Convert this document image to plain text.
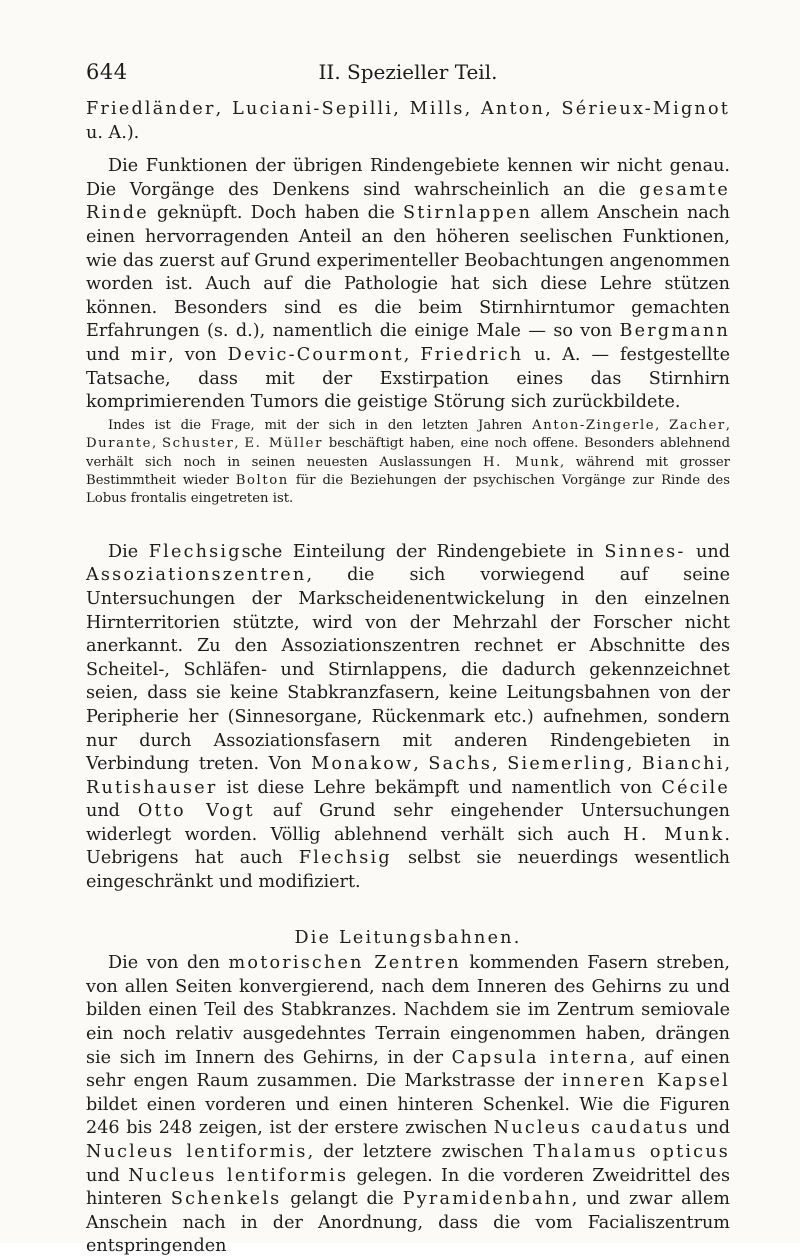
644	II. Spezieller Teil.

Friedländer, Luciani-Sepilli, Mills, Anton, Sérieux-Mignot u. A.).

Die Funktionen der übrigen Rindengebiete kennen wir nicht genau. Die Vorgänge des Denkens sind wahrscheinlich an die gesamte Rinde geknüpft. Doch haben die Stirnlappen allem Anschein nach einen hervorragenden Anteil an den höheren seelischen Funktionen, wie das zuerst auf Grund experimenteller Beobachtungen angenommen worden ist. Auch auf die Pathologie hat sich diese Lehre stützen können. Besonders sind es die beim Stirnhirntumor gemachten Erfahrungen (s. d.), namentlich die einige Male — so von Bergmann und mir, von Devic-Courmont, Friedrich u. A. — festgestellte Tatsache, dass mit der Exstirpation eines das Stirnhirn komprimierenden Tumors die geistige Störung sich zurückbildete.

Indes ist die Frage, mit der sich in den letzten Jahren Anton-Zingerle, Zacher, Durante, Schuster, E. Müller beschäftigt haben, eine noch offene. Besonders ablehnend verhält sich noch in seinen neuesten Auslassungen H. Munk, während mit grosser Bestimmtheit wieder Bolton für die Beziehungen der psychischen Vorgänge zur Rinde des Lobus frontalis eingetreten ist.

Die Flechsigsche Einteilung der Rindengebiete in Sinnes- und Assoziationszentren, die sich vorwiegend auf seine Untersuchungen der Markscheidenentwickelung in den einzelnen Hirnterritorien stützte, wird von der Mehrzahl der Forscher nicht anerkannt. Zu den Assoziationszentren rechnet er Abschnitte des Scheitel-, Schläfen- und Stirnlappens, die dadurch gekennzeichnet seien, dass sie keine Stabkranzfasern, keine Leitungsbahnen von der Peripherie her (Sinnesorgane, Rückenmark etc.) aufnehmen, sondern nur durch Assoziationsfasern mit anderen Rindengebieten in Verbindung treten. Von Monakow, Sachs, Siemerling, Bianchi, Rutishauser ist diese Lehre bekämpft und namentlich von Cécile und Otto Vogt auf Grund sehr eingehender Untersuchungen widerlegt worden. Völlig ablehnend verhält sich auch H. Munk. Uebrigens hat auch Flechsig selbst sie neuerdings wesentlich eingeschränkt und modifiziert.

Die Leitungsbahnen.

Die von den motorischen Zentren kommenden Fasern streben, von allen Seiten konvergierend, nach dem Inneren des Gehirns zu und bilden einen Teil des Stabkranzes. Nachdem sie im Zentrum semiovale ein noch relativ ausgedehntes Terrain eingenommen haben, drängen sie sich im Innern des Gehirns, in der Capsula interna, auf einen sehr engen Raum zusammen. Die Markstrasse der inneren Kapsel bildet einen vorderen und einen hinteren Schenkel. Wie die Figuren 246 bis 248 zeigen, ist der erstere zwischen Nucleus caudatus und Nucleus lentiformis, der letztere zwischen Thalamus opticus und Nucleus lentiformis gelegen. In die vorderen Zweidrittel des hinteren Schenkels gelangt die Pyramidenbahn, und zwar allem Anschein nach in der Anordnung, dass die vom Facialiszentrum entspringenden
